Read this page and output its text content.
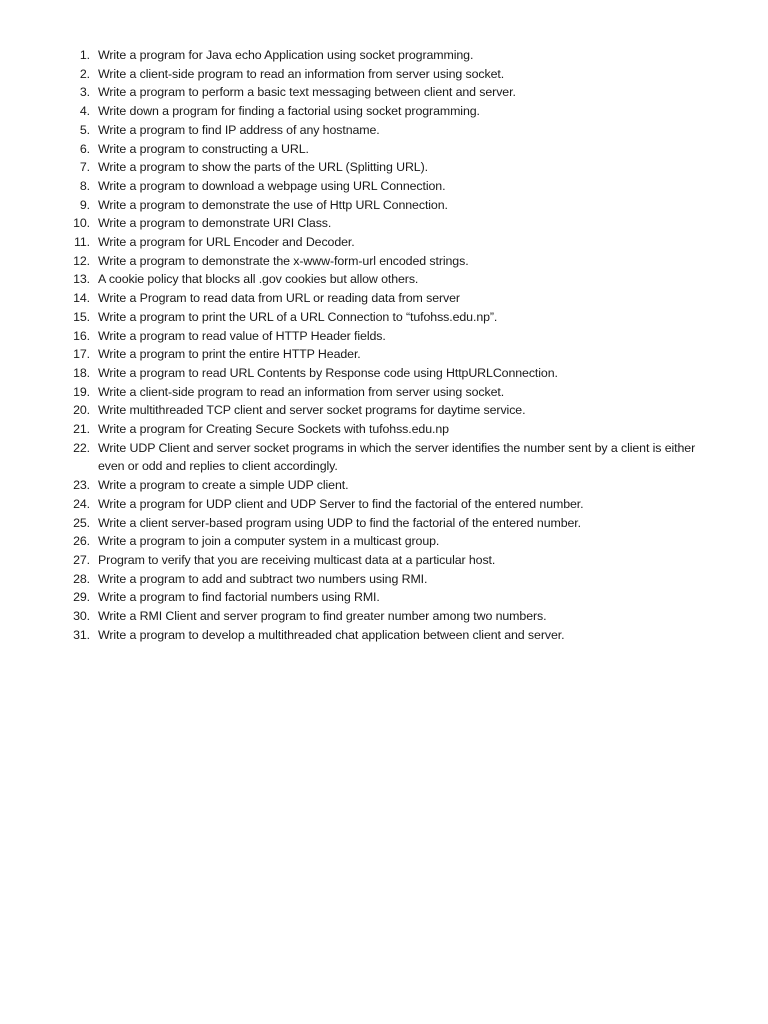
1. Write a program for Java echo Application using socket programming.
2. Write a client-side program to read an information from server using socket.
3. Write a program to perform a basic text messaging between client and server.
4. Write down a program for finding a factorial using socket programming.
5. Write a program to find IP address of any hostname.
6. Write a program to constructing a URL.
7. Write a program to show the parts of the URL (Splitting URL).
8. Write a program to download a webpage using URL Connection.
9. Write a program to demonstrate the use of Http URL Connection.
10. Write a program to demonstrate URI Class.
11. Write a program for URL Encoder and Decoder.
12. Write a program to demonstrate the x-www-form-url encoded strings.
13. A cookie policy that blocks all .gov cookies but allow others.
14. Write a Program to read data from URL or reading data from server
15. Write a program to print the URL of a URL Connection to “tufohss.edu.np”.
16. Write a program to read value of HTTP Header fields.
17. Write a program to print the entire HTTP Header.
18. Write a program to read URL Contents by Response code using HttpURLConnection.
19. Write a client-side program to read an information from server using socket.
20. Write multithreaded TCP client and server socket programs for daytime service.
21. Write a program for Creating Secure Sockets with tufohss.edu.np
22. Write UDP Client and server socket programs in which the server identifies the number sent by a client is either even or odd and replies to client accordingly.
23. Write a program to create a simple UDP client.
24. Write a program for UDP client and UDP Server to find the factorial of the entered number.
25. Write a client server-based program using UDP to find the factorial of the entered number.
26. Write a program to join a computer system in a multicast group.
27. Program to verify that you are receiving multicast data at a particular host.
28. Write a program to add and subtract two numbers using RMI.
29. Write a program to find factorial numbers using RMI.
30. Write a RMI Client and server program to find greater number among two numbers.
31. Write a program to develop a multithreaded chat application between client and server.
